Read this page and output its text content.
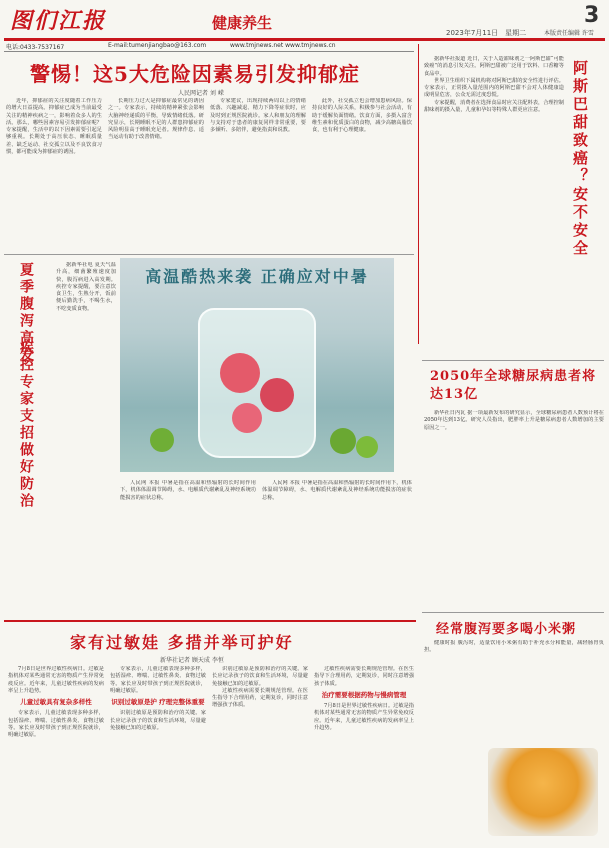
图们江报	健康养生	3
2023年7月11日　星期二	本版责任编辑 许雪
电话:0433-7537167	E-mail:tumenjiangbao@163.com	www.tmjnews.net www.tmjnews.cn
警惕！这5大危险因素易引发抑郁症
人民网记者 刘 嵘

近年，抑郁症的关注度随着工作压力的增大日益提高。抑郁症已成为当前最受关注的精神疾病之一，影响着众多人的生活。那么，哪些因素容易引发抑郁症呢？专家提醒，生活中的以下因素需要引起足够重视。长期处于高压状态、睡眠质量差、缺乏运动、社交孤立以及不良饮食习惯，都可能成为抑郁症的诱因。

长期压力过大是抑郁症最常见的诱因之一。专家表示，持续的精神紧张会影响大脑神经递质的平衡，导致情绪低落。研究显示，长期睡眠不足的人群患抑郁症的风险明显高于睡眠充足者。规律作息、适当运动有助于改善情绪。

专家建议，出现持续两周以上的情绪低落、兴趣减退、精力下降等症状时，应及时到正规医院就诊。家人和朋友的理解与支持对于患者的康复同样非常重要，要多倾听、多陪伴，避免指责和说教。

此外，社交孤立也会增加患病风险。保持良好的人际关系，积极参与社会活动，有助于缓解负面情绪。饮食方面，多摄入富含维生素和优质蛋白的食物，减少高糖高脂饮食，也有利于心理健康。

据新华社报道 近日，关于人造甜味剂之一阿斯巴甜“可能致癌”的消息引发关注。阿斯巴甜被广泛用于饮料、口香糖等食品中。

世界卫生组织下属机构将对阿斯巴甜的安全性进行评估。专家表示，正常摄入量范围内的阿斯巴甜不会对人体健康造成明显危害，公众无需过度恐慌。

专家提醒，消费者在选择食品时应关注配料表，合理控制甜味剂的摄入量，儿童和孕妇等特殊人群更应注意。	阿斯巴甜致癌？安不安全
2050年全球糖尿病患者将达13亿

新华社日内瓦 据一项最新发布的研究显示，全球糖尿病患者人数预计将在2050年达到13亿。研究人员指出，肥胖率上升是糖尿病患者人数增加的主要原因之一。

经常腹泻要多喝小米粥

健康时报 腹泻时，适量饮用小米粥有助于补充水分和能量，减轻肠胃负担。

夏季腹泻高发
疾控专家支招做好防治

据新华社电 夏天气温升高，细菌繁殖速度加快，腹泻病进入高发期。疾控专家提醒，要注意饮食卫生，生熟分开，饭前便后勤洗手，不喝生水，不吃变质食物。

高温酷热来袭 正确应对中暑

人民网 本报 中暑是指在高温和热辐射的长时间作用下，机体体温调节障碍，水、电解质代谢紊乱及神经系统功能损害的症状总称。

人民网 本报 中暑是指在高温和热辐射的长时间作用下，机体体温调节障碍，水、电解质代谢紊乱及神经系统功能损害的症状总称。

家有过敏娃 多措并举可护好
新华社记者 顾天成 李恒

7月8日是世界过敏性疾病日。过敏是指机体对某些通常无害的物质产生异常免疫反应。近年来，儿童过敏性疾病的发病率呈上升趋势。

儿童过敏具有复杂多样性

专家表示，儿童过敏表现多种多样，包括湿疹、哮喘、过敏性鼻炎、食物过敏等。家长应及时带孩子到正规医院就诊，明确过敏原。

专家表示，儿童过敏表现多种多样，包括湿疹、哮喘、过敏性鼻炎、食物过敏等。家长应及时带孩子到正规医院就诊，明确过敏原。

识别过敏原是护 疗理完整体重要

识别过敏原是预防和治疗的关键。家长应记录孩子的饮食和生活环境，尽量避免接触已知的过敏原。

识别过敏原是预防和治疗的关键。家长应记录孩子的饮食和生活环境，尽量避免接触已知的过敏原。

过敏性疾病需要长期规范管理。在医生指导下合理用药，定期复诊，同时注意增强孩子体质。

过敏性疾病需要长期规范管理。在医生指导下合理用药，定期复诊，同时注意增强孩子体质。

治疗需要根据药物与慢病管理

7月8日是世界过敏性疾病日。过敏是指机体对某些通常无害的物质产生异常免疫反应。近年来，儿童过敏性疾病的发病率呈上升趋势。
